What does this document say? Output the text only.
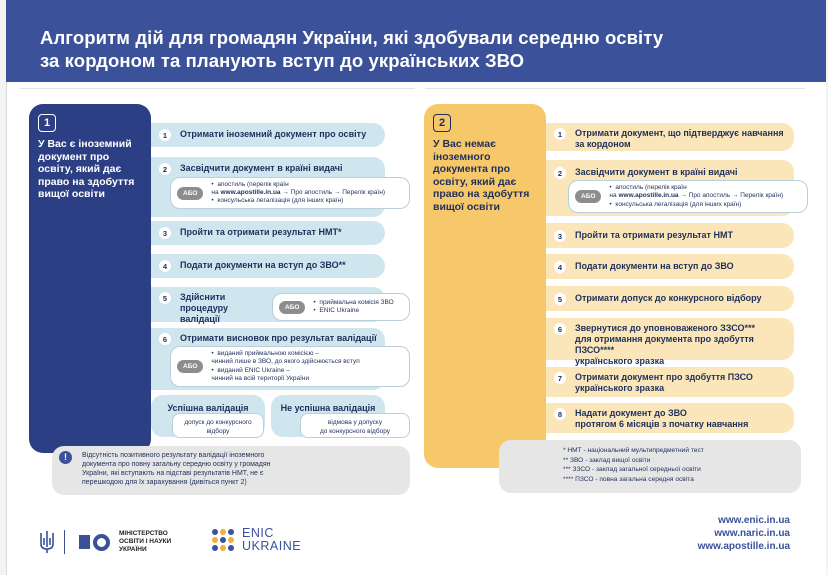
Алгоритм дій для громадян України, які здобували середню освіту
за кордоном та планують вступ до українських ЗВО
1
У Вас є іноземний документ про освіту, який дає право на здобуття вищої освіти
1	Отримати іноземний документ про освіту
2	Засвідчити документ в країні видачі
АБО
• апостиль (перелік країн
на www.apostille.in.ua → Про апостиль → Перелік країн)
• консульська легалізація (для інших країн)
3	Пройти та отримати результат НМТ*
4	Подати документи на вступ до ЗВО**
5	Здійснити процедуру валідації
АБО
• приймальна комісія ЗВО
• ENIC Ukraine
6	Отримати висновок про результат валідації
АБО
• виданий приймальною комісією –
чинний лише в ЗВО, до якого здійснюється вступ
• виданий ENIC Ukraine –
чинний на всій території України
Успішна валідація
допуск до конкурсного
відбору
Не успішна валідація
відмова у допуску
до конкурсного відбору
!	Відсутність позитивного результату валідації іноземного
документа про повну загальну середню освіту у громадян
України, які вступають на підставі результатів НМТ, не є
перешкодою для їх зарахування (дивіться пункт 2)
2
У Вас немає іноземного документа про освіту, який дає право на здобуття вищої освіти
1	Отримати документ, що підтверджує навчання
за кордоном
2	Засвідчити документ в країні видачі
АБО
• апостиль (перелік країн
на www.apostille.in.ua → Про апостиль → Перелік країн)
• консульська легалізація (для інших країн)
3	Пройти та отримати результат НМТ
4	Подати документи на вступ до ЗВО
5	Отримати допуск до конкурсного відбору
6	Звернутися до уповноваженого ЗЗСО***
для отримання документа про здобуття ПЗСО****
українського зразка
7	Отримати документ про здобуття ПЗСО
українського зразка
8	Надати документ до ЗВО
протягом 6 місяців з початку навчання
* НМТ - національний мультипредметний тест
** ЗВО - заклад вищої освіти
*** ЗЗСО - заклад загальної середньої освіти
**** ПЗСО - повна загальна середня освіта
МІНІСТЕРСТВО
ОСВІТИ І НАУКИ
УКРАЇНИ
ENIC
UKRAINE
www.enic.in.ua
www.naric.in.ua
www.apostille.in.ua
